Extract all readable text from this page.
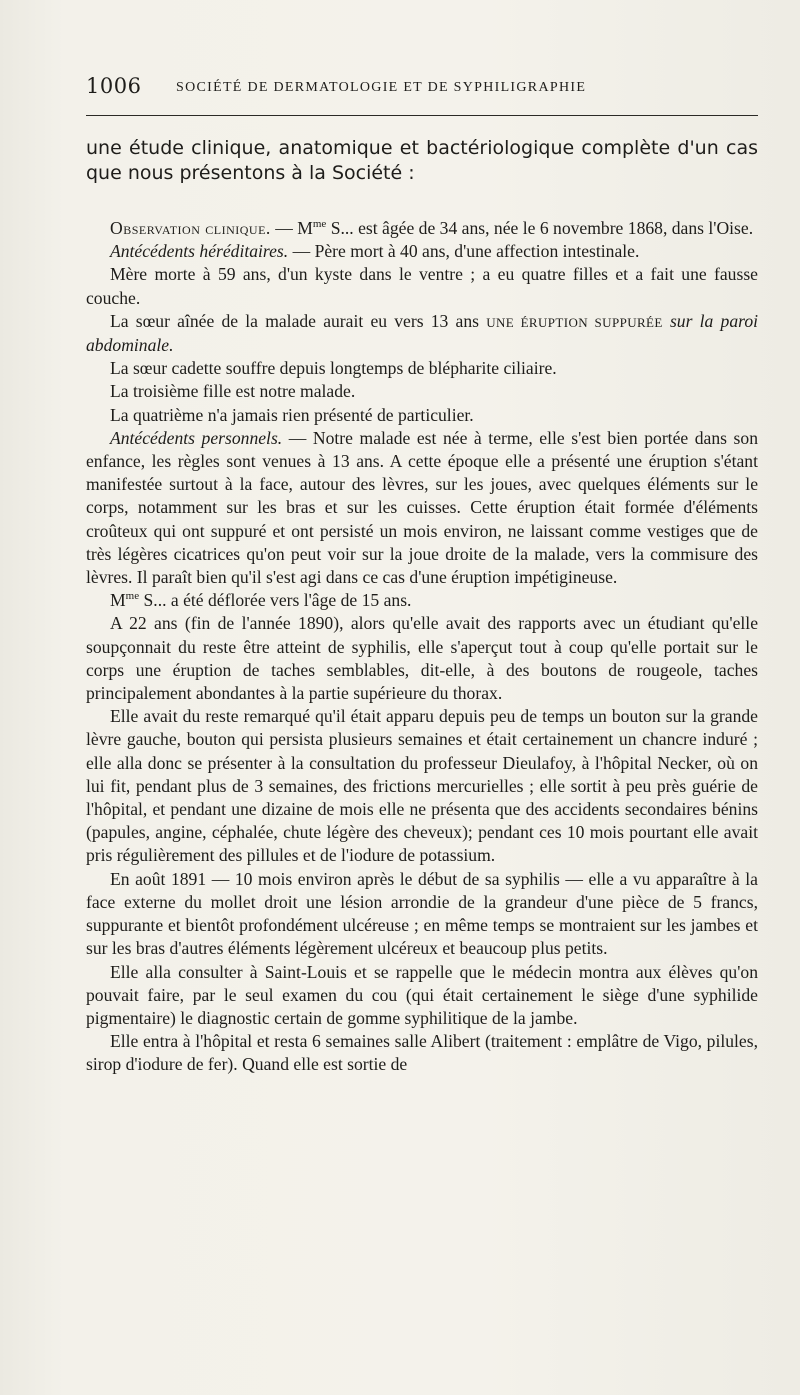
1006 SOCIÉTÉ DE DERMATOLOGIE ET DE SYPHILIGRAPHIE

une étude clinique, anatomique et bactériologique complète d'un cas que nous présentons à la Société :

Observation clinique. — $M^{me}$ S... est âgée de 34 ans, née le 6 novembre 1868, dans l'Oise.

Antécédents héréditaires. — Père mort à 40 ans, d'une affection intestinale.

Mère morte à 59 ans, d'un kyste dans le ventre ; a eu quatre filles et a fait une fausse couche.

La sœur aînée de la malade aurait eu vers 13 ans UNE ÉRUPTION SUPPURÉE sur la paroi abdominale.

La sœur cadette souffre depuis longtemps de blépharite ciliaire.

La troisième fille est notre malade.

La quatrième n'a jamais rien présenté de particulier.

Antécédents personnels. — Notre malade est née à terme, elle s'est bien portée dans son enfance, les règles sont venues à 13 ans. A cette époque elle a présenté une éruption s'étant manifestée surtout à la face, autour des lèvres, sur les joues, avec quelques éléments sur le corps, notamment sur les bras et sur les cuisses. Cette éruption était formée d'éléments croûteux qui ont suppuré et ont persisté un mois environ, ne laissant comme vestiges que de très légères cicatrices qu'on peut voir sur la joue droite de la malade, vers la commisure des lèvres. Il paraît bien qu'il s'est agi dans ce cas d'une éruption impétigineuse.

$M^{me}$ S... a été déflorée vers l'âge de 15 ans.

A 22 ans (fin de l'année 1890), alors qu'elle avait des rapports avec un étudiant qu'elle soupçonnait du reste être atteint de syphilis, elle s'aperçut tout à coup qu'elle portait sur le corps une éruption de taches semblables, dit-elle, à des boutons de rougeole, taches principalement abondantes à la partie supérieure du thorax.

Elle avait du reste remarqué qu'il était apparu depuis peu de temps un bouton sur la grande lèvre gauche, bouton qui persista plusieurs semaines et était certainement un chancre induré ; elle alla donc se présenter à la consultation du professeur Dieulafoy, à l'hôpital Necker, où on lui fit, pendant plus de 3 semaines, des frictions mercurielles ; elle sortit à peu près guérie de l'hôpital, et pendant une dizaine de mois elle ne présenta que des accidents secondaires bénins (papules, angine, céphalée, chute légère des cheveux); pendant ces 10 mois pourtant elle avait pris régulièrement des pillules et de l'iodure de potassium.

En août 1891 — 10 mois environ après le début de sa syphilis — elle a vu apparaître à la face externe du mollet droit une lésion arrondie de la grandeur d'une pièce de 5 francs, suppurante et bientôt profondément ulcéreuse ; en même temps se montraient sur les jambes et sur les bras d'autres éléments légèrement ulcéreux et beaucoup plus petits.

Elle alla consulter à Saint-Louis et se rappelle que le médecin montra aux élèves qu'on pouvait faire, par le seul examen du cou (qui était certainement le siège d'une syphilide pigmentaire) le diagnostic certain de gomme syphilitique de la jambe.

Elle entra à l'hôpital et resta 6 semaines salle Alibert (traitement : emplâtre de Vigo, pilules, sirop d'iodure de fer). Quand elle est sortie de
